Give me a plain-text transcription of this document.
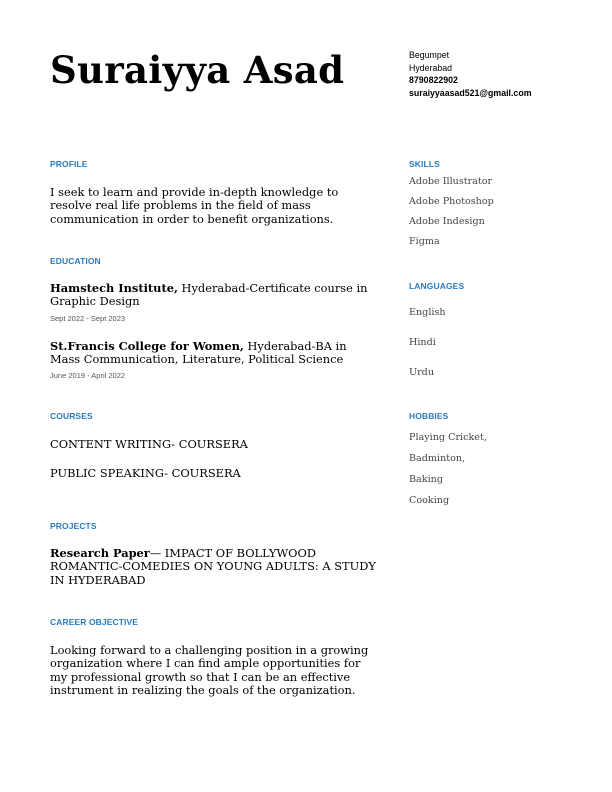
Suraiyya Asad	Begumpet
Hyderabad
8790822902
suraiyyaasad521@gmail.com
PROFILE
I seek to learn and provide in-depth knowledge to resolve real life problems in the field of mass communication in order to benefit organizations.
EDUCATION
Hamstech Institute, Hyderabad-Certificate course in Graphic Design
Sept 2022 - Sept 2023
St.Francis College for Women, Hyderabad-BA in Mass Communication, Literature, Political Science
June 2019 - April 2022
COURSES
CONTENT WRITING- COURSERA
PUBLIC SPEAKING- COURSERA
PROJECTS
Research Paper— IMPACT OF BOLLYWOOD ROMANTIC-COMEDIES ON YOUNG ADULTS: A STUDY IN HYDERABAD
CAREER OBJECTIVE
Looking forward to a challenging position in a growing organization where I can find ample opportunities for my professional growth so that I can be an effective instrument in realizing the goals of the organization.
SKILLS
Adobe Illustrator
Adobe Photoshop
Adobe Indesign
Figma
LANGUAGES
English
Hindi
Urdu
HOBBIES
Playing Cricket,
Badminton,
Baking
Cooking
